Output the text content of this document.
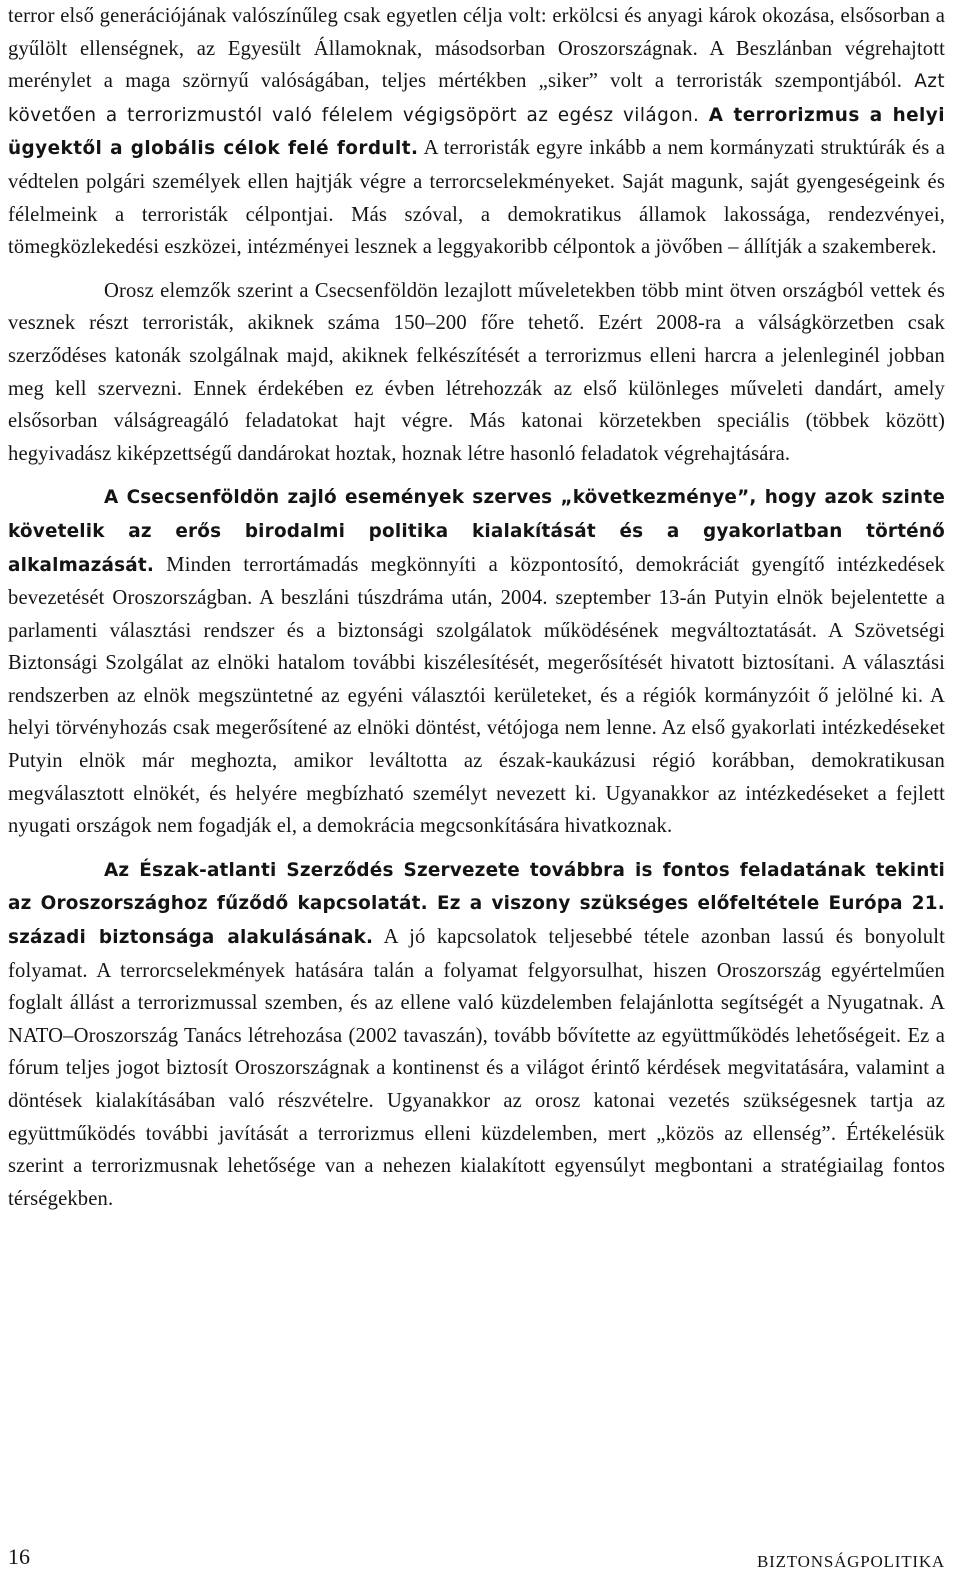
terror első generációjának valószínűleg csak egyetlen célja volt: erkölcsi és anyagi károk okozása, elsősorban a gyűlölt ellenségnek, az Egyesült Államoknak, másodsorban Oroszországnak. A Beszlánban végrehajtott merénylet a maga szörnyű valóságában, teljes mértékben „siker” volt a terroristák szempontjából. Azt követően a terrorizmustól való félelem végigsöpört az egész világon. A terrorizmus a helyi ügyektől a globális célok felé fordult. A terroristák egyre inkább a nem kormányzati struktúrák és a védtelen polgári személyek ellen hajtják végre a terrorcselekményeket. Saját magunk, saját gyengeségeink és félelmeink a terroristák célpontjai. Más szóval, a demokratikus államok lakossága, rendezvényei, tömegközlekedési eszközei, intézményei lesznek a leggyakoribb célpontok a jövőben – állítják a szakemberek.

Orosz elemzők szerint a Csecsenföldön lezajlott műveletekben több mint ötven országból vettek és vesznek részt terroristák, akiknek száma 150–200 főre tehető. Ezért 2008-ra a válságkörzetben csak szerződéses katonák szolgálnak majd, akiknek felkészítését a terrorizmus elleni harcra a jelenleginél jobban meg kell szervezni. Ennek érdekében ez évben létrehozzák az első különleges műveleti dandárt, amely elsősorban válságreagáló feladatokat hajt végre. Más katonai körzetekben speciális (többek között) hegyivadász kiképzettségű dandárokat hoztak, hoznak létre hasonló feladatok végrehajtására.

A Csecsenföldön zajló események szerves „következménye”, hogy azok szinte követelik az erős birodalmi politika kialakítását és a gyakorlatban történő alkalmazását. Minden terrortámadás megkönnyíti a központosító, demokráciát gyengítő intézkedések bevezetését Oroszországban. A beszláni túszdráma után, 2004. szeptember 13-án Putyin elnök bejelentette a parlamenti választási rendszer és a biztonsági szolgálatok működésének megváltoztatását. A Szövetségi Biztonsági Szolgálat az elnöki hatalom további kiszélesítését, megerősítését hivatott biztosítani. A választási rendszerben az elnök megszüntetné az egyéni választói kerületeket, és a régiók kormányzóit ő jelölné ki. A helyi törvényhozás csak megerősítené az elnöki döntést, vétójoga nem lenne. Az első gyakorlati intézkedéseket Putyin elnök már meghozta, amikor leváltotta az észak-kaukázusi régió korábban, demokratikusan megválasztott elnökét, és helyére megbízható személyt nevezett ki. Ugyanakkor az intézkedéseket a fejlett nyugati országok nem fogadják el, a demokrácia megcsonkítására hivatkoznak.

Az Észak-atlanti Szerződés Szervezete továbbra is fontos feladatának tekinti az Oroszországhoz fűződő kapcsolatát. Ez a viszony szükséges előfeltétele Európa 21. századi biztonsága alakulásának. A jó kapcsolatok teljesebbé tétele azonban lassú és bonyolult folyamat. A terrorcselekmények hatására talán a folyamat felgyorsulhat, hiszen Oroszország egyértelműen foglalt állást a terrorizmussal szemben, és az ellene való küzdelemben felajánlotta segítségét a Nyugatnak. A NATO–Oroszország Tanács létrehozása (2002 tavaszán), tovább bővítette az együttműködés lehetőségeit. Ez a fórum teljes jogot biztosít Oroszországnak a kontinenst és a világot érintő kérdések megvitatására, valamint a döntések kialakításában való részvételre. Ugyanakkor az orosz katonai vezetés szükségesnek tartja az együttműködés további javítását a terrorizmus elleni küzdelemben, mert „közös az ellenség”. Értékelésük szerint a terrorizmusnak lehetősége van a nehezen kialakított egyensúlyt megbontani a stratégiailag fontos térségekben.

16	BIZTONSÁGPOLITIKA
